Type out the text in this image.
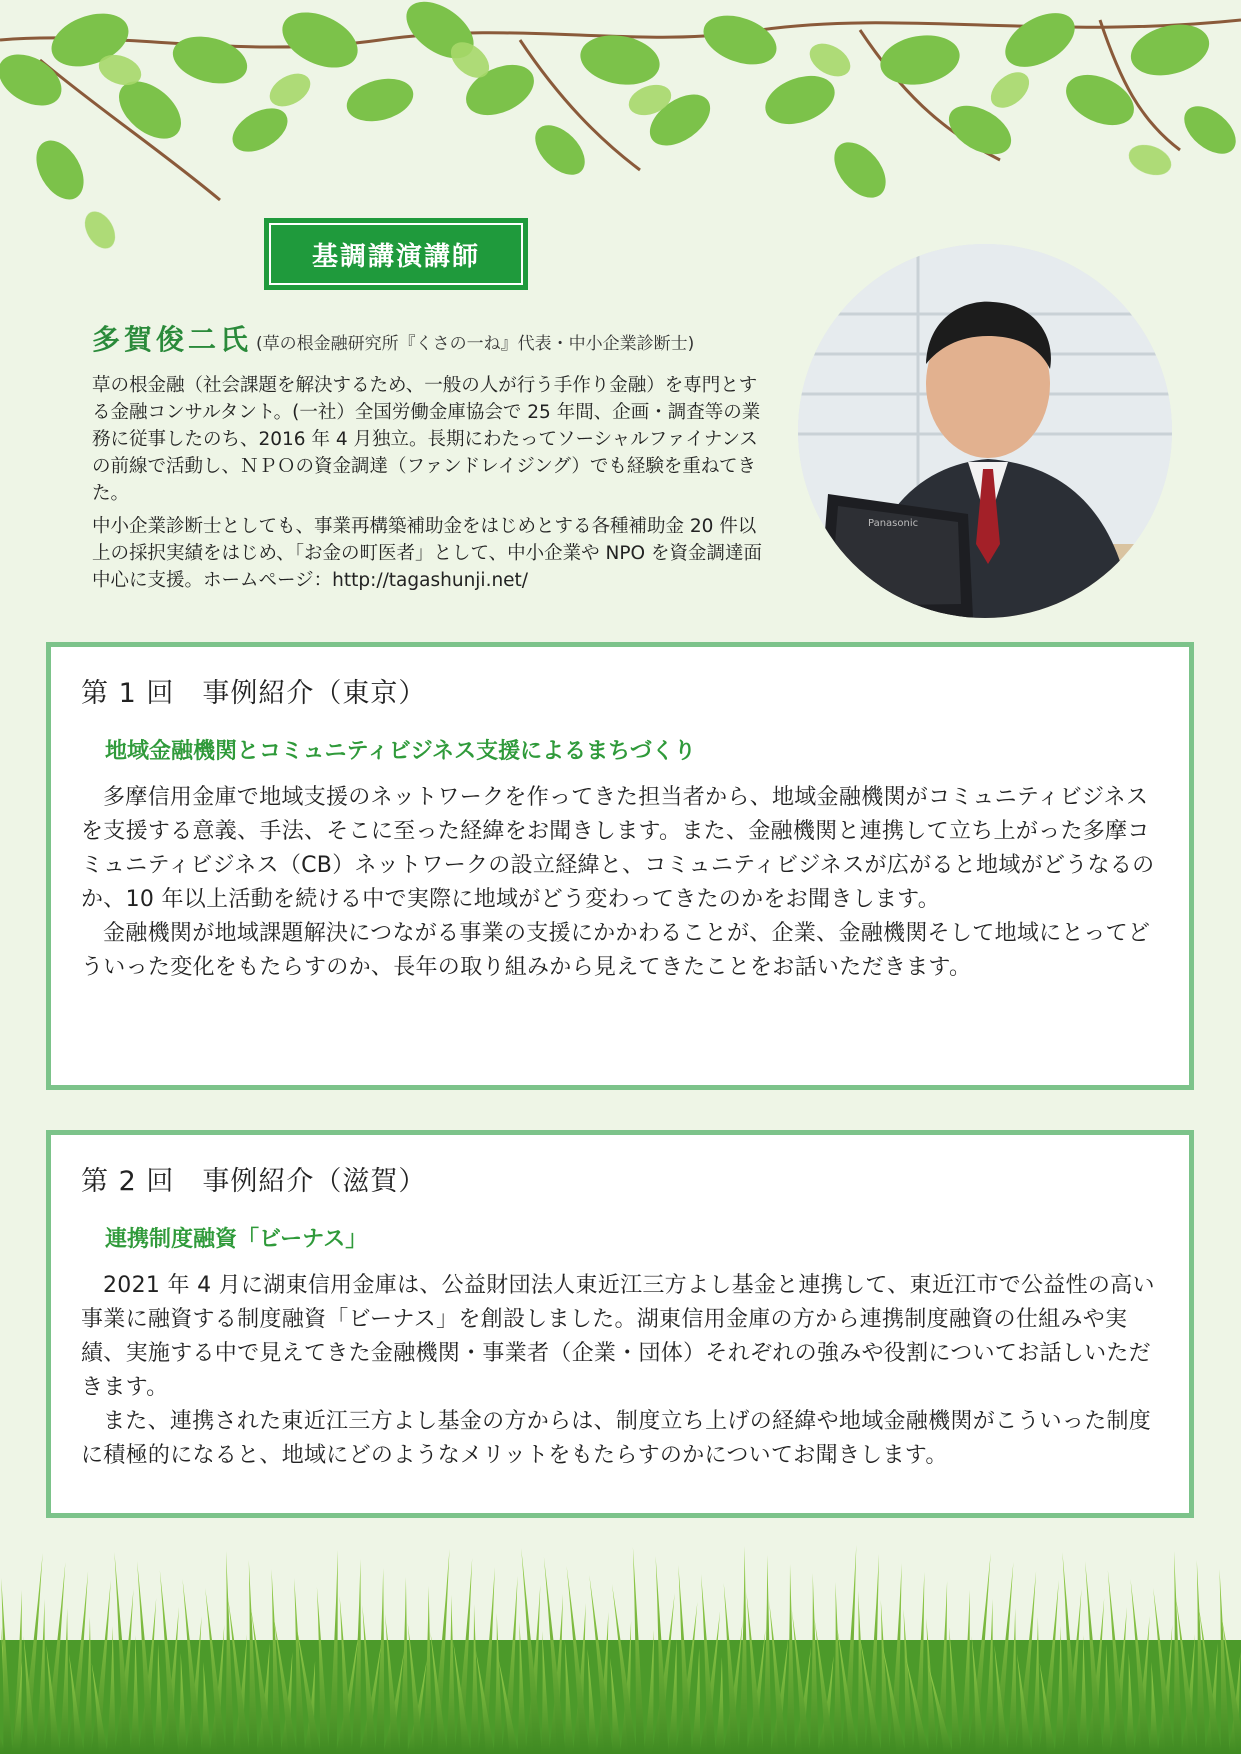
基調講演講師
多賀俊二氏 (草の根金融研究所『くさの一ね』代表・中小企業診断士)

草の根金融（社会課題を解決するため、一般の人が行う手作り金融）を専門とする金融コンサルタント。(一社）全国労働金庫協会で 25 年間、企画・調査等の業務に従事したのち、2016 年 4 月独立。長期にわたってソーシャルファイナンスの前線で活動し、ＮＰＯの資金調達（ファンドレイジング）でも経験を重ねてきた。

中小企業診断士としても、事業再構築補助金をはじめとする各種補助金 20 件以上の採択実績をはじめ、「お金の町医者」として、中小企業や NPO を資金調達面中心に支援。ホームページ：http://tagashunji.net/

Panasonic
第 1 回　事例紹介（東京）
地域金融機関とコミュニティビジネス支援によるまちづくり

多摩信用金庫で地域支援のネットワークを作ってきた担当者から、地域金融機関がコミュニティビジネスを支援する意義、手法、そこに至った経緯をお聞きします。また、金融機関と連携して立ち上がった多摩コミュニティビジネス（CB）ネットワークの設立経緯と、コミュニティビジネスが広がると地域がどうなるのか、10 年以上活動を続ける中で実際に地域がどう変わってきたのかをお聞きします。

金融機関が地域課題解決につながる事業の支援にかかわることが、企業、金融機関そして地域にとってどういった変化をもたらすのか、長年の取り組みから見えてきたことをお話いただきます。

第 2 回　事例紹介（滋賀）
連携制度融資「ビーナス」

2021 年 4 月に湖東信用金庫は、公益財団法人東近江三方よし基金と連携して、東近江市で公益性の高い事業に融資する制度融資「ビーナス」を創設しました。湖東信用金庫の方から連携制度融資の仕組みや実績、実施する中で見えてきた金融機関・事業者（企業・団体）それぞれの強みや役割についてお話しいただきます。

また、連携された東近江三方よし基金の方からは、制度立ち上げの経緯や地域金融機関がこういった制度に積極的になると、地域にどのようなメリットをもたらすのかについてお聞きします。
